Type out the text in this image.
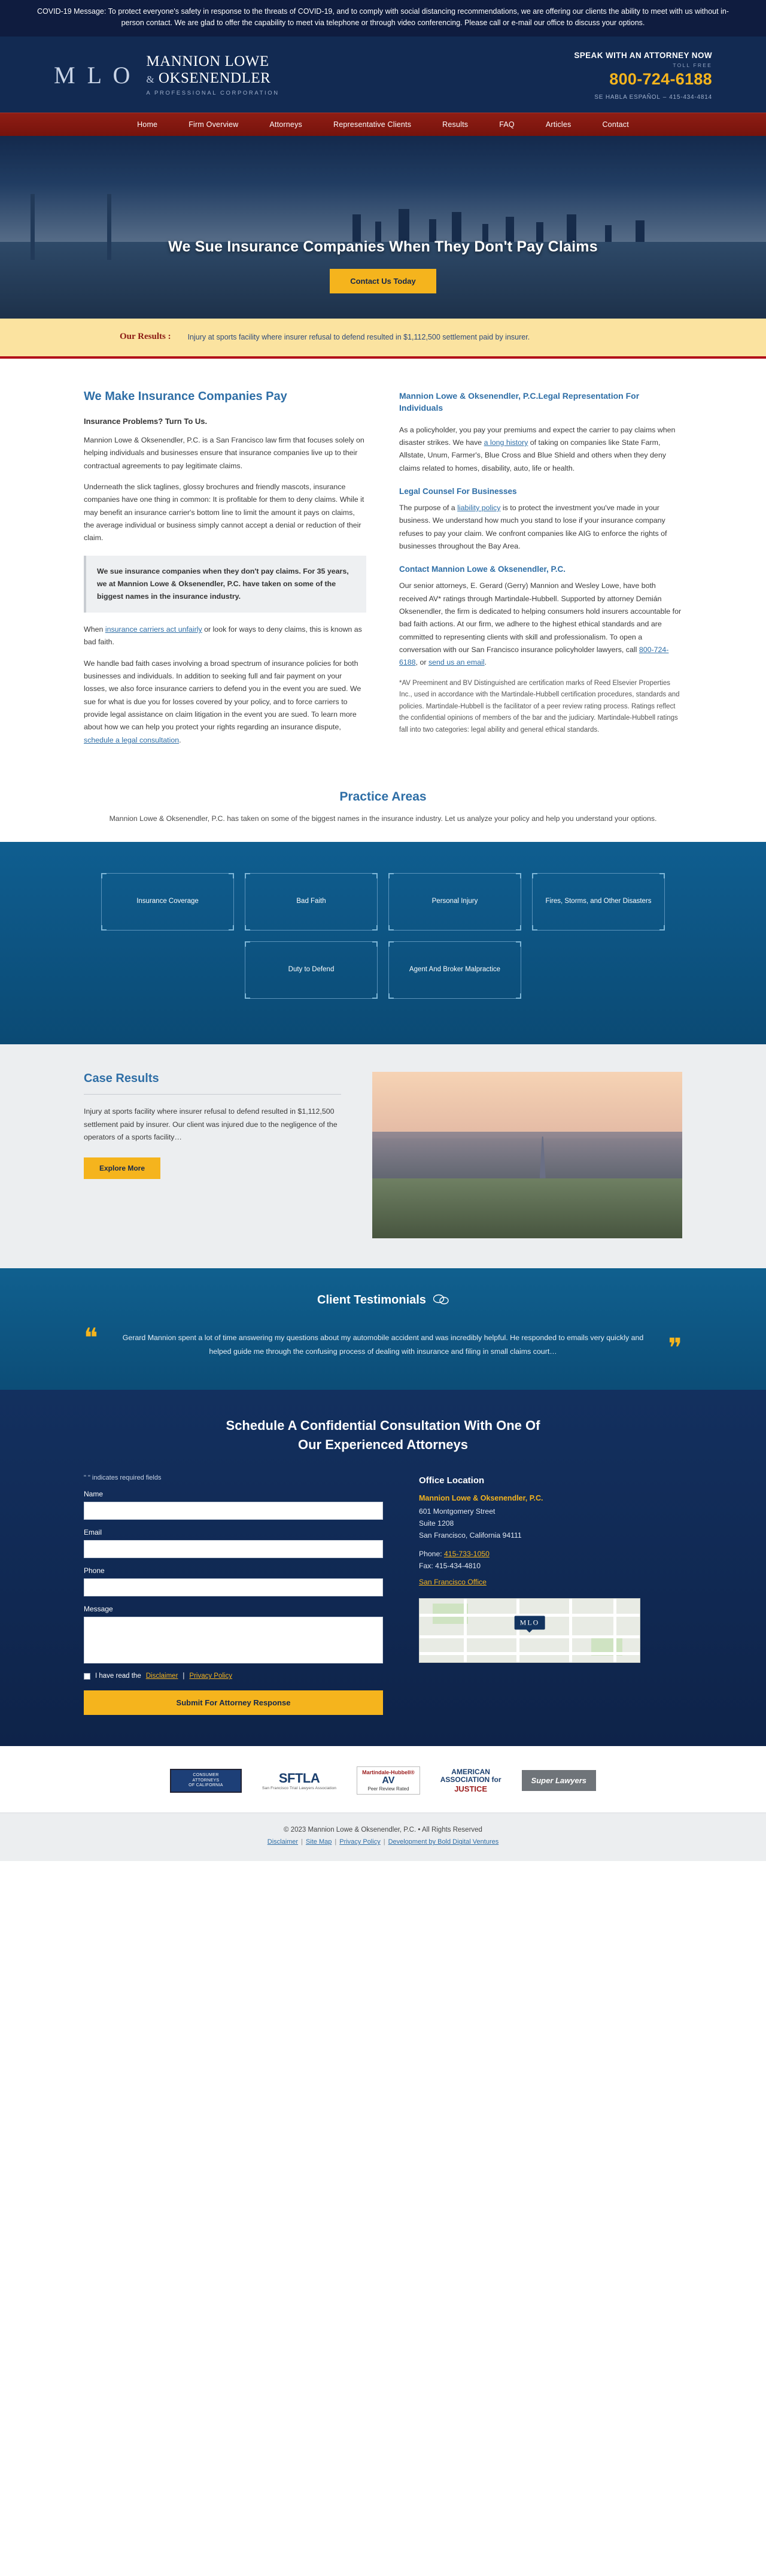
COVID-19 Message: To protect everyone's safety in response to the threats of COVID-19, and to comply with social distancing recommendations, we are offering our clients the ability to meet with us without in-person contact. We are glad to offer the capability to meet via telephone or through video conferencing. Please call or e-mail our office to discuss your options.
M L O MANNION LOWE
& OKSENENDLER
A PROFESSIONAL CORPORATION
SPEAK WITH AN ATTORNEY NOW
TOLL FREE
800-724-6188
SE HABLA ESPAÑOL – 415-434-4814
Home	Firm Overview	Attorneys	Representative Clients	Results	FAQ	Articles	Contact
We Sue Insurance Companies When They Don't Pay Claims
Contact Us Today
Our Results : Injury at sports facility where insurer refusal to defend resulted in $1,112,500 settlement paid by insurer.
We Make Insurance Companies Pay

Insurance Problems? Turn To Us.

Mannion Lowe & Oksenendler, P.C. is a San Francisco law firm that focuses solely on helping individuals and businesses ensure that insurance companies live up to their contractual agreements to pay legitimate claims.

Underneath the slick taglines, glossy brochures and friendly mascots, insurance companies have one thing in common: It is profitable for them to deny claims. While it may benefit an insurance carrier's bottom line to limit the amount it pays on claims, the average individual or business simply cannot accept a denial or reduction of their claim.

We sue insurance companies when they don't pay claims. For 35 years, we at Mannion Lowe & Oksenendler, P.C. have taken on some of the biggest names in the insurance industry.

When insurance carriers act unfairly or look for ways to deny claims, this is known as bad faith.

We handle bad faith cases involving a broad spectrum of insurance policies for both businesses and individuals. In addition to seeking full and fair payment on your losses, we also force insurance carriers to defend you in the event you are sued. We sue for what is due you for losses covered by your policy, and to force carriers to provide legal assistance on claim litigation in the event you are sued. To learn more about how we can help you protect your rights regarding an insurance dispute, schedule a legal consultation.

Mannion Lowe & Oksenendler, P.C.Legal Representation For Individuals

As a policyholder, you pay your premiums and expect the carrier to pay claims when disaster strikes. We have a long history of taking on companies like State Farm, Allstate, Unum, Farmer's, Blue Cross and Blue Shield and others when they deny claims related to homes, disability, auto, life or health.

Legal Counsel For Businesses

The purpose of a liability policy is to protect the investment you've made in your business. We understand how much you stand to lose if your insurance company refuses to pay your claim. We confront companies like AIG to enforce the rights of businesses throughout the Bay Area.

Contact Mannion Lowe & Oksenendler, P.C.

Our senior attorneys, E. Gerard (Gerry) Mannion and Wesley Lowe, have both received AV* ratings through Martindale-Hubbell. Supported by attorney Demián Oksenendler, the firm is dedicated to helping consumers hold insurers accountable for bad faith actions. At our firm, we adhere to the highest ethical standards and are committed to representing clients with skill and professionalism. To open a conversation with our San Francisco insurance policyholder lawyers, call 800-724-6188, or send us an email.

*AV Preeminent and BV Distinguished are certification marks of Reed Elsevier Properties Inc., used in accordance with the Martindale-Hubbell certification procedures, standards and policies. Martindale-Hubbell is the facilitator of a peer review rating process. Ratings reflect the confidential opinions of members of the bar and the judiciary. Martindale-Hubbell ratings fall into two categories: legal ability and general ethical standards.

Practice Areas

Mannion Lowe & Oksenendler, P.C. has taken on some of the biggest names in the insurance industry. Let us analyze your policy and help you understand your options.

Insurance Coverage	Bad Faith	Personal Injury	Fires, Storms, and Other Disasters
Duty to Defend	Agent And Broker Malpractice
Case Results

Injury at sports facility where insurer refusal to defend resulted in $1,112,500 settlement paid by insurer. Our client was injured due to the negligence of the operators of a sports facility…

Explore More
Client Testimonials
❝	Gerard Mannion spent a lot of time answering my questions about my automobile accident and was incredibly helpful. He responded to emails very quickly and helped guide me through the confusing process of dealing with insurance and filing in small claims court…	❞
Schedule A Confidential Consultation With One Of
Our Experienced Attorneys
" " indicates required fields
Name
Email
Phone
Message
I have read the Disclaimer | Privacy Policy
Submit For Attorney Response
Office Location
Mannion Lowe & Oksenendler, P.C.
601 Montgomery Street
Suite 1208
San Francisco, California 94111
Phone: 415-733-1050
Fax: 415-434-4810
San Francisco Office
MLO
CONSUMER
ATTORNEYS
OF CALIFORNIA	SFTLA
San Francisco Trial Lawyers Association
Martindale-Hubbell®
AV
Peer Review Rated
AMERICAN
ASSOCIATION for
JUSTICE
Super Lawyers
© 2023 Mannion Lowe & Oksenendler, P.C. • All Rights Reserved
Disclaimer | Site Map | Privacy Policy | Development by Bold Digital Ventures
